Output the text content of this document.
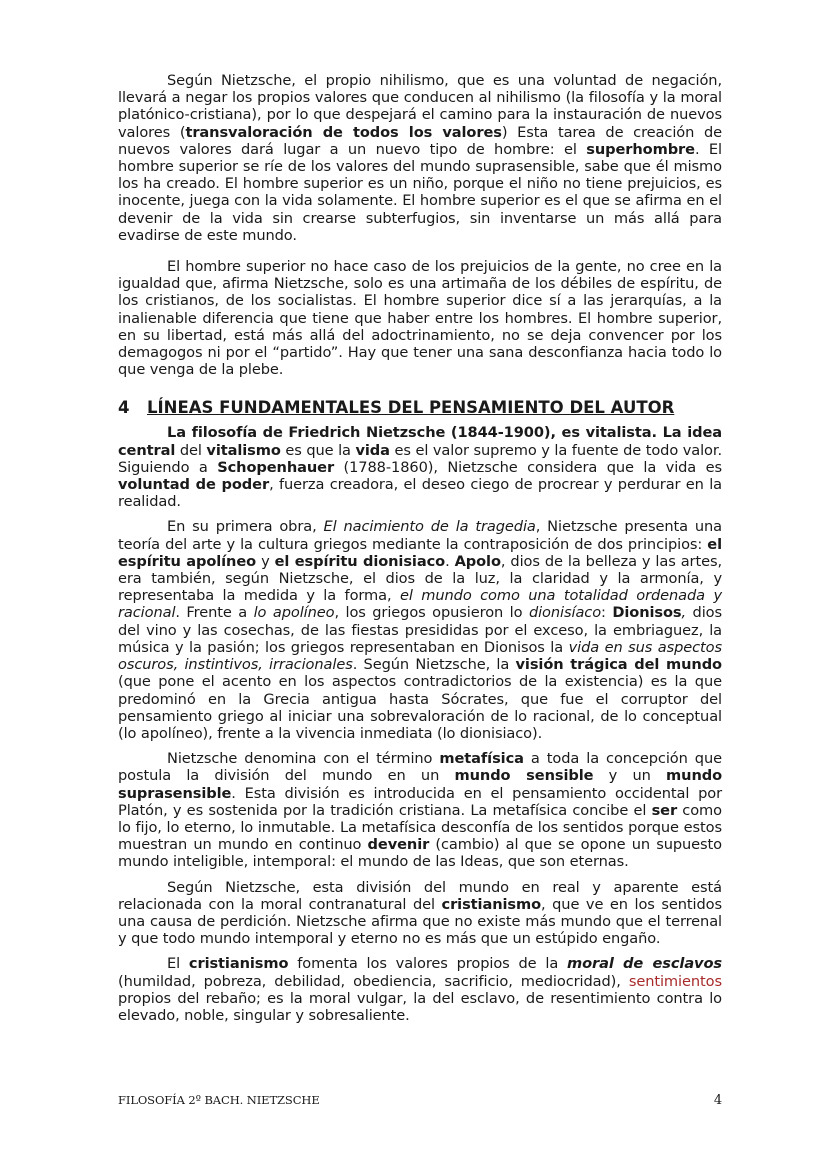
Según Nietzsche, el propio nihilismo, que es una voluntad de negación, llevará a negar los propios valores que conducen al nihilismo (la filosofía y la moral platónico-cristiana), por lo que despejará el camino para la instauración de nuevos valores (transvaloración de todos los valores) Esta tarea de creación de nuevos valores dará lugar a un nuevo tipo de hombre: el superhombre. El hombre superior se ríe de los valores del mundo suprasensible, sabe que él mismo los ha creado. El hombre superior es un niño, porque el niño no tiene prejuicios, es inocente, juega con la vida solamente. El hombre superior es el que se afirma en el devenir de la vida sin crearse subterfugios, sin inventarse un más allá para evadirse de este mundo.

El hombre superior no hace caso de los prejuicios de la gente, no cree en la igualdad que, afirma Nietzsche, solo es una artimaña de los débiles de espíritu, de los cristianos, de los socialistas. El hombre superior dice sí a las jerarquías, a la inalienable diferencia que tiene que haber entre los hombres. El hombre superior, en su libertad, está más allá del adoctrinamiento, no se deja convencer por los demagogos ni por el “partido”. Hay que tener una sana desconfianza hacia todo lo que venga de la plebe.

4	LÍNEAS FUNDAMENTALES DEL PENSAMIENTO DEL AUTOR

La filosofía de Friedrich Nietzsche (1844-1900), es vitalista. La idea central del vitalismo es que la vida es el valor supremo y la fuente de todo valor. Siguiendo a Schopenhauer (1788-1860), Nietzsche considera que la vida es voluntad de poder, fuerza creadora, el deseo ciego de procrear y perdurar en la realidad.

En su primera obra, El nacimiento de la tragedia, Nietzsche presenta una teoría del arte y la cultura griegos mediante la contraposición de dos principios: el espíritu apolíneo y el espíritu dionisiaco. Apolo, dios de la belleza y las artes, era también, según Nietzsche, el dios de la luz, la claridad y la armonía, y representaba la medida y la forma, el mundo como una totalidad ordenada y racional. Frente a lo apolíneo, los griegos opusieron lo dionisíaco: Dionisos, dios del vino y las cosechas, de las fiestas presididas por el exceso, la embriaguez, la música y la pasión; los griegos representaban en Dionisos la vida en sus aspectos oscuros, instintivos, irracionales. Según Nietzsche, la visión trágica del mundo (que pone el acento en los aspectos contradictorios de la existencia) es la que predominó en la Grecia antigua hasta Sócrates, que fue el corruptor del pensamiento griego al iniciar una sobrevaloración de lo racional, de lo conceptual (lo apolíneo), frente a la vivencia inmediata (lo dionisiaco).

Nietzsche denomina con el término metafísica a toda la concepción que postula la división del mundo en un mundo sensible y un mundo suprasensible. Esta división es introducida en el pensamiento occidental por Platón, y es sostenida por la tradición cristiana. La metafísica concibe el ser como lo fijo, lo eterno, lo inmutable. La metafísica desconfía de los sentidos porque estos muestran un mundo en continuo devenir (cambio) al que se opone un supuesto mundo inteligible, intemporal: el mundo de las Ideas, que son eternas.

Según Nietzsche, esta división del mundo en real y aparente está relacionada con la moral contranatural del cristianismo, que ve en los sentidos una causa de perdición. Nietzsche afirma que no existe más mundo que el terrenal y que todo mundo intemporal y eterno no es más que un estúpido engaño.

El cristianismo fomenta los valores propios de la moral de esclavos (humildad, pobreza, debilidad, obediencia, sacrificio, mediocridad), sentimientos propios del rebaño; es la moral vulgar, la del esclavo, de resentimiento contra lo elevado, noble, singular y sobresaliente.

FILOSOFÍA 2º BACH. NIETZSCHE	4
